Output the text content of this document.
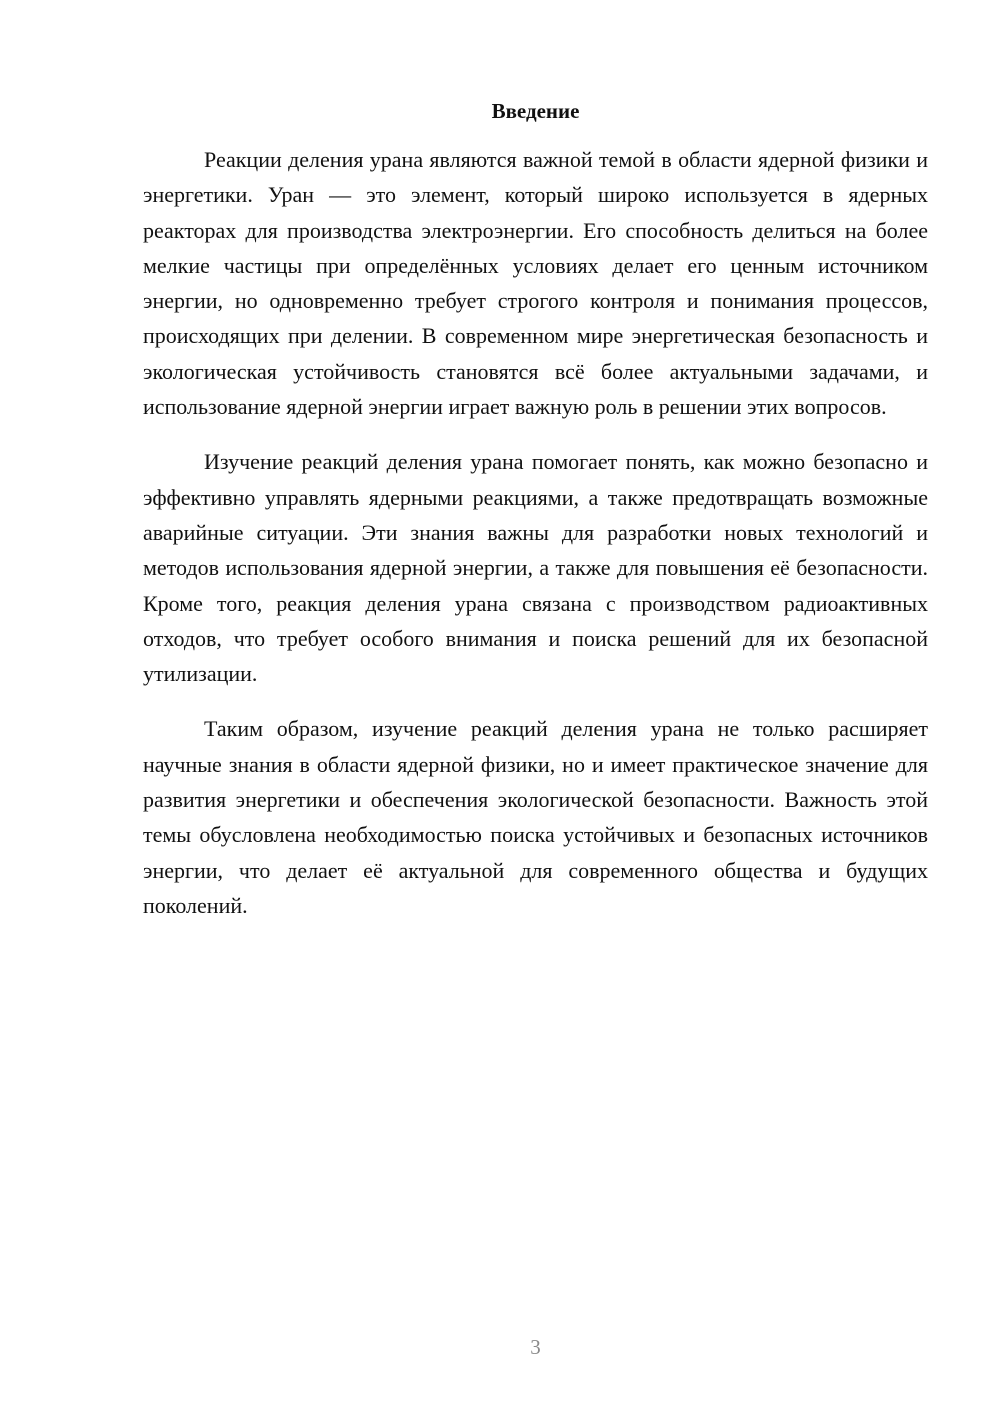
Введение

Реакции деления урана являются важной темой в области ядерной физики и энергетики. Уран — это элемент, который широко используется в ядерных реакторах для производства электроэнергии. Его способность делиться на более мелкие частицы при определённых условиях делает его ценным источником энергии, но одновременно требует строгого контроля и понимания процессов, происходящих при делении. В современном мире энергетическая безопасность и экологическая устойчивость становятся всё более актуальными задачами, и использование ядерной энергии играет важную роль в решении этих вопросов.

Изучение реакций деления урана помогает понять, как можно безопасно и эффективно управлять ядерными реакциями, а также предотвращать возможные аварийные ситуации. Эти знания важны для разработки новых технологий и методов использования ядерной энергии, а также для повышения её безопасности. Кроме того, реакция деления урана связана с производством радиоактивных отходов, что требует особого внимания и поиска решений для их безопасной утилизации.

Таким образом, изучение реакций деления урана не только расширяет научные знания в области ядерной физики, но и имеет практическое значение для развития энергетики и обеспечения экологической безопасности. Важность этой темы обусловлена необходимостью поиска устойчивых и безопасных источников энергии, что делает её актуальной для современного общества и будущих поколений.

3
